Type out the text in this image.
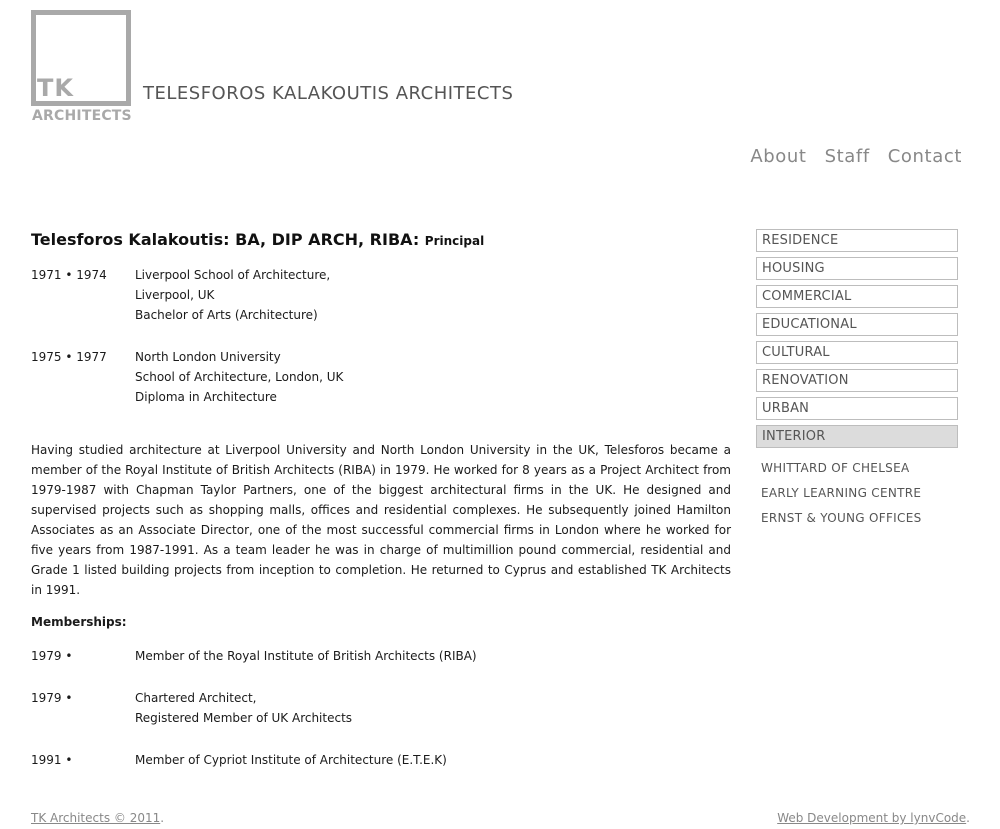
TK
ARCHITECTS
TELESFOROS KALAKOUTIS ARCHITECTS
About Staff Contact
Telesforos Kalakoutis: BA, DIP ARCH, RIBA: Principal
1971 • 1974	Liverpool School of Architecture,
Liverpool, UK
Bachelor of Arts (Architecture)
1975 • 1977	North London University
School of Architecture, London, UK
Diploma in Architecture

Having studied architecture at Liverpool University and North London University in the UK, Telesforos became a member of the Royal Institute of British Architects (RIBA) in 1979. He worked for 8 years as a Project Architect from 1979-1987 with Chapman Taylor Partners, one of the biggest architectural firms in the UK. He designed and supervised projects such as shopping malls, offices and residential complexes. He subsequently joined Hamilton Associates as an Associate Director, one of the most successful commercial firms in London where he worked for five years from 1987-1991. As a team leader he was in charge of multimillion pound commercial, residential and Grade 1 listed building projects from inception to completion. He returned to Cyprus and established TK Architects in 1991.

Memberships:
1979 •	Member of the Royal Institute of British Architects (RIBA)
1979 •	Chartered Architect,
Registered Member of UK Architects
1991 •	Member of Cypriot Institute of Architecture (E.T.E.K)
RESIDENCE
HOUSING
COMMERCIAL
EDUCATIONAL
CULTURAL
RENOVATION
URBAN
INTERIOR
WHITTARD OF CHELSEA
EARLY LEARNING CENTRE
ERNST & YOUNG OFFICES
TK Architects © 2011.	Web Development by lynvCode.
